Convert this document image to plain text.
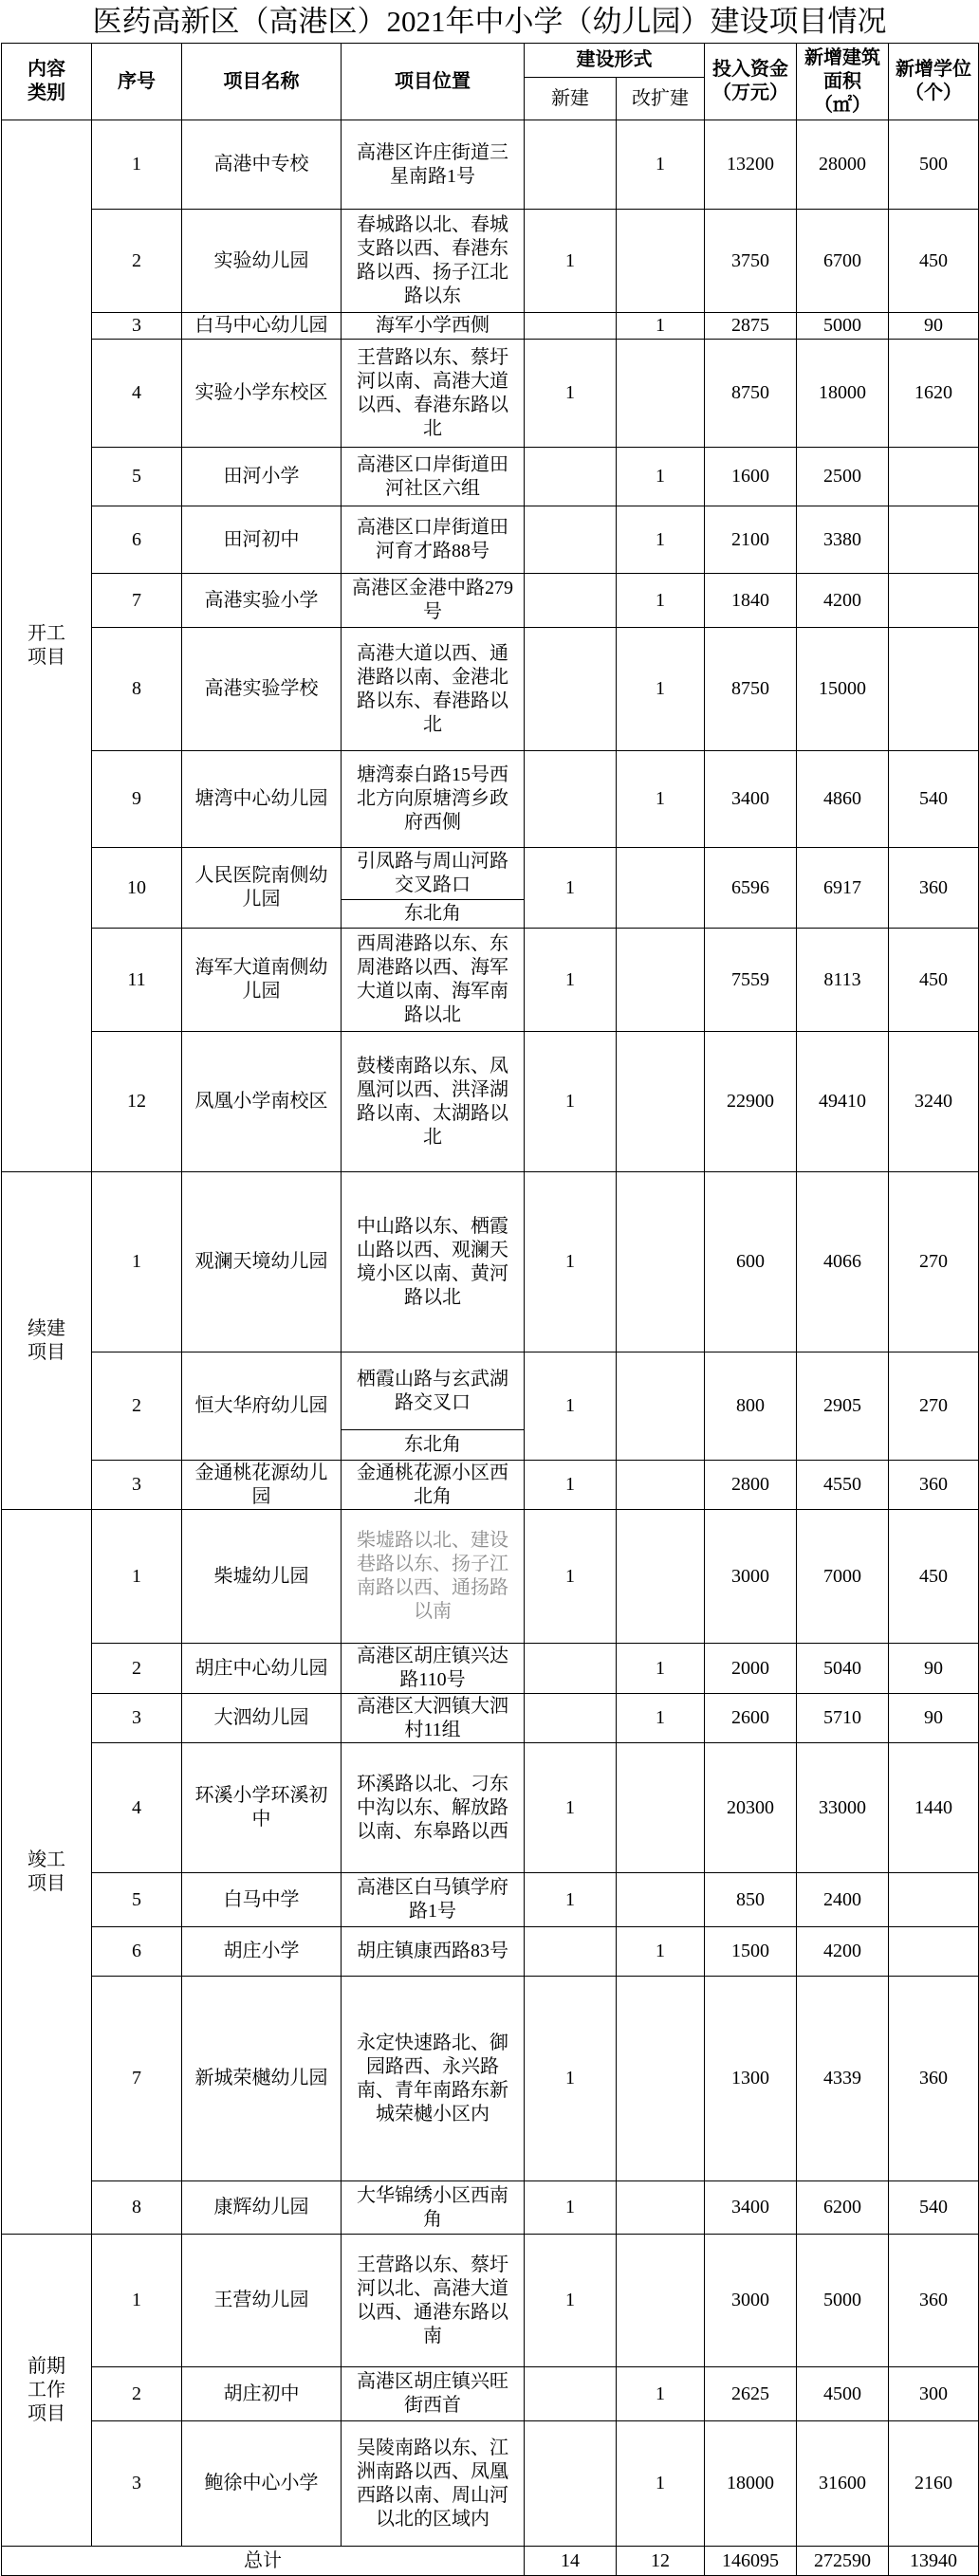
医药高新区（高港区）2021年中小学（幼儿园）建设项目情况
内容类别	序号	项目名称	项目位置	建设形式		投入资金（万元）	新增建筑面积（㎡）	新增学位（个）

				新建	改扩建			

开工项目	1	高港中专校	高港区许庄街道三星南路1号		1	13200	28000	500
	2	实验幼儿园	春城路以北、春城支路以西、春港东路以西、扬子江北路以东	1		3750	6700	450
	3	白马中心幼儿园	海军小学西侧		1	2875	5000	90
	4	实验小学东校区	王营路以东、蔡圩河以南、高港大道以西、春港东路以北	1		8750	18000	1620
	5	田河小学	高港区口岸街道田河社区六组		1	1600	2500	
	6	田河初中	高港区口岸街道田河育才路88号		1	2100	3380	
	7	高港实验小学	高港区金港中路279号		1	1840	4200	
	8	高港实验学校	高港大道以西、通港路以南、金港北路以东、春港路以北		1	8750	15000	
	9	塘湾中心幼儿园	塘湾泰白路15号西北方向原塘湾乡政府西侧		1	3400	4860	540
	10	人民医院南侧幼儿园	引凤路与周山河路交叉路口
东北角	1		6596	6917	360
	11	海军大道南侧幼儿园	西周港路以东、东周港路以西、海军大道以南、海军南路以北	1		7559	8113	450
	12	凤凰小学南校区	鼓楼南路以东、凤凰河以西、洪泽湖路以南、太湖路以北	1		22900	49410	3240

续建项目	1	观澜天境幼儿园	中山路以东、栖霞山路以西、观澜天境小区以南、黄河路以北	1		600	4066	270
	2	恒大华府幼儿园	栖霞山路与玄武湖路交叉口
东北角	1		800	2905	270
	3	金通桃花源幼儿园	金通桃花源小区西北角	1		2800	4550	360

竣工项目	1	柴墟幼儿园	柴墟路以北、建设巷路以东、扬子江南路以西、通扬路以南	1		3000	7000	450
	2	胡庄中心幼儿园	高港区胡庄镇兴达路110号		1	2000	5040	90
	3	大泗幼儿园	高港区大泗镇大泗村11组		1	2600	5710	90
	4	环溪小学环溪初中	环溪路以北、刁东中沟以东、解放路以南、东皋路以西	1		20300	33000	1440
	5	白马中学	高港区白马镇学府路1号	1		850	2400	
	6	胡庄小学	胡庄镇康西路83号		1	1500	4200	
	7	新城荣樾幼儿园	永定快速路北、御园路西、永兴路南、青年南路东新城荣樾小区内	1		1300	4339	360
	8	康辉幼儿园	大华锦绣小区西南角	1		3400	6200	540

前期工作项目	1	王营幼儿园	王营路以东、蔡圩河以北、高港大道以西、通港东路以南	1		3000	5000	360
	2	胡庄初中	高港区胡庄镇兴旺街西首		1	2625	4500	300
	3	鲍徐中心小学	吴陵南路以东、江洲南路以西、凤凰西路以南、周山河以北的区域内		1	18000	31600	2160
总计				14	12	146095	272590	13940
